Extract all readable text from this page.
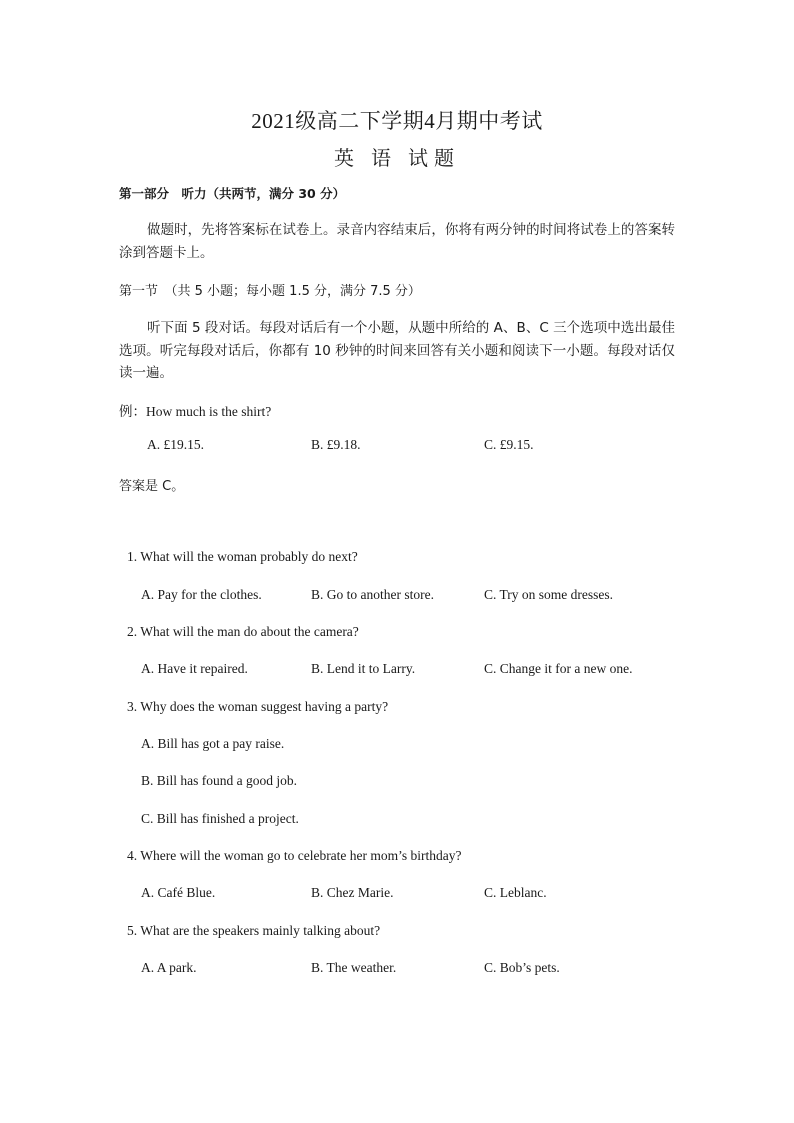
2021级高二下学期4月期中考试
英 语 试题
第一部分　听力（共两节，满分 30 分）
做题时，先将答案标在试卷上。录音内容结束后，你将有两分钟的时间将试卷上的答案转涂到答题卡上。
第一节　（共 5 小题；每小题 1.5 分，满分 7.5 分）
听下面 5 段对话。每段对话后有一个小题，从题中所给的 A、B、C 三个选项中选出最佳选项。听完每段对话后，你都有 10 秒钟的时间来回答有关小题和阅读下一小题。每段对话仅读一遍。
例：How much is the shirt?
A. £19.15.	B. £9.18.	C. £9.15.
答案是 C。
1. What will the woman probably do next?
A. Pay for the clothes.	B. Go to another store.	C. Try on some dresses.
2. What will the man do about the camera?
A. Have it repaired.	B. Lend it to Larry.	C. Change it for a new one.
3. Why does the woman suggest having a party?
A. Bill has got a pay raise.
B. Bill has found a good job.
C. Bill has finished a project.
4. Where will the woman go to celebrate her mom’s birthday?
A. Café Blue.	B. Chez Marie.	C. Leblanc.
5. What are the speakers mainly talking about?
A. A park.	B. The weather.	C. Bob’s pets.
